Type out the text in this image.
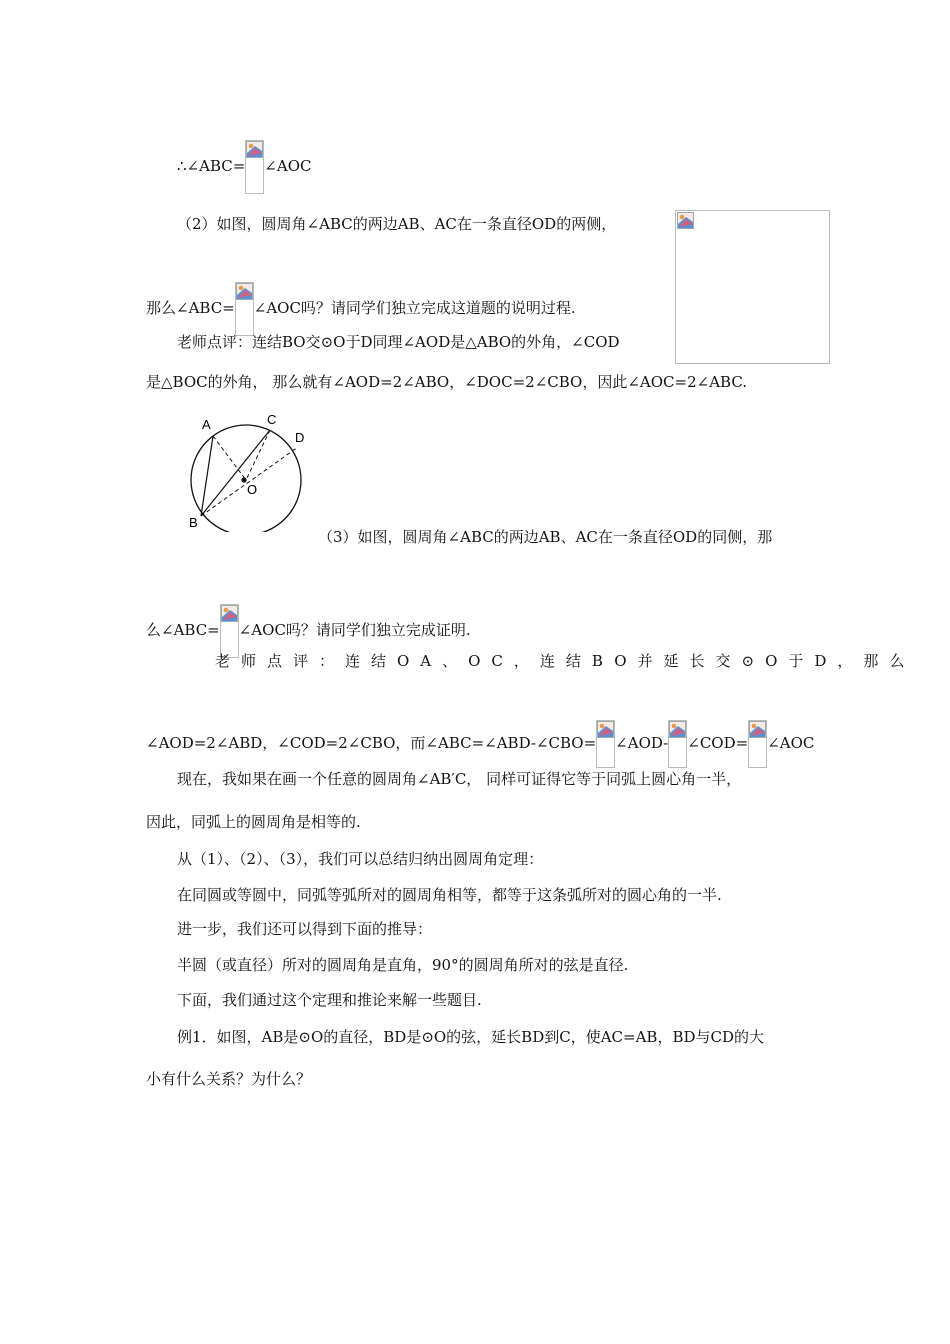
∴∠ABC= ∠AOC
（2）如图，圆周角∠ABC的两边AB、AC在一条直径OD的两侧，
那么∠ABC= ∠AOC吗？请同学们独立完成这道题的说明过程.
老师点评：连结BO交⊙O于D同理∠AOD是△ABO的外角，∠COD
是△BOC的外角， 那么就有∠AOD=2∠ABO，∠DOC=2∠CBO，因此∠AOC=2∠ABC.
A	C
D
O
B
（3）如图，圆周角∠ABC的两边AB、AC在一条直径OD的同侧，那
么∠ABC= ∠AOC吗？请同学们独立完成证明.
老师点评：连结OA、OC，连结BO并延长交⊙O于D，那么
∠AOD=2∠ABD，∠COD=2∠CBO，而∠ABC=∠ABD-∠CBO= ∠AOD- ∠COD= ∠AOC
现在，我如果在画一个任意的圆周角∠AB′C， 同样可证得它等于同弧上圆心角一半，
因此，同弧上的圆周角是相等的.
从（1）、（2）、（3），我们可以总结归纳出圆周角定理：
在同圆或等圆中，同弧等弧所对的圆周角相等，都等于这条弧所对的圆心角的一半.
进一步，我们还可以得到下面的推导：
半圆（或直径）所对的圆周角是直角，90°的圆周角所对的弦是直径.
下面，我们通过这个定理和推论来解一些题目.
例1．如图，AB是⊙O的直径，BD是⊙O的弦，延长BD到C，使AC=AB，BD与CD的大
小有什么关系？为什么？
